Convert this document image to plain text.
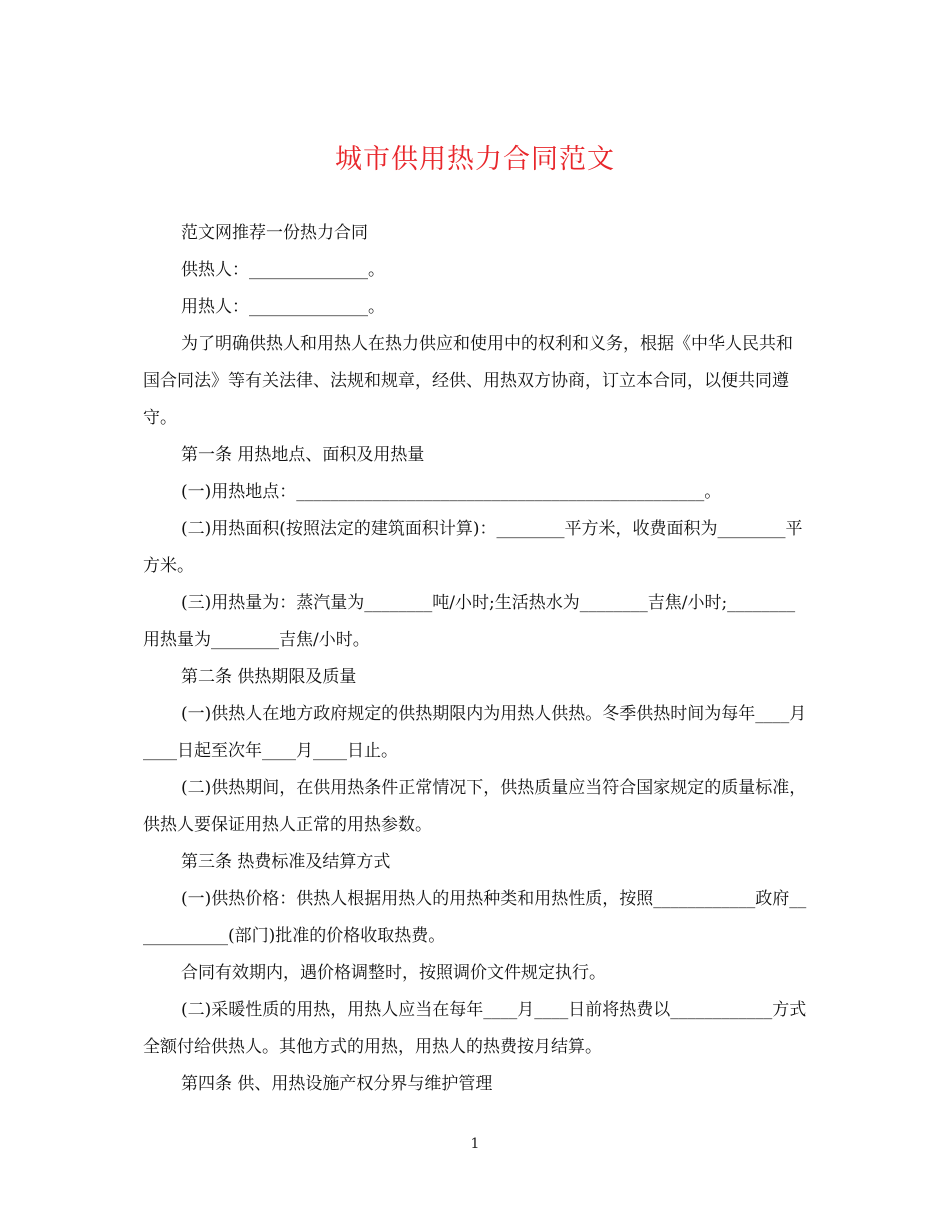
城市供用热力合同范文

范文网推荐一份热力合同

供热人：______________。

用热人：______________。

为了明确供热人和用热人在热力供应和使用中的权利和义务，根据《中华人民共和国合同法》等有关法律、法规和规章，经供、用热双方协商，订立本合同，以便共同遵守。

第一条 用热地点、面积及用热量

(一)用热地点：________________________________________________。

(二)用热面积(按照法定的建筑面积计算)：________平方米，收费面积为________平方米。

(三)用热量为：蒸汽量为________吨/小时;生活热水为________吉焦/小时;________用热量为________吉焦/小时。

第二条 供热期限及质量

(一)供热人在地方政府规定的供热期限内为用热人供热。冬季供热时间为每年____月____日起至次年____月____日止。

(二)供热期间，在供用热条件正常情况下，供热质量应当符合国家规定的质量标准，供热人要保证用热人正常的用热参数。

第三条 热费标准及结算方式

(一)供热价格：供热人根据用热人的用热种类和用热性质，按照____________政府____________(部门)批准的价格收取热费。

合同有效期内，遇价格调整时，按照调价文件规定执行。

(二)采暖性质的用热，用热人应当在每年____月____日前将热费以____________方式全额付给供热人。其他方式的用热，用热人的热费按月结算。

第四条 供、用热设施产权分界与维护管理

1
